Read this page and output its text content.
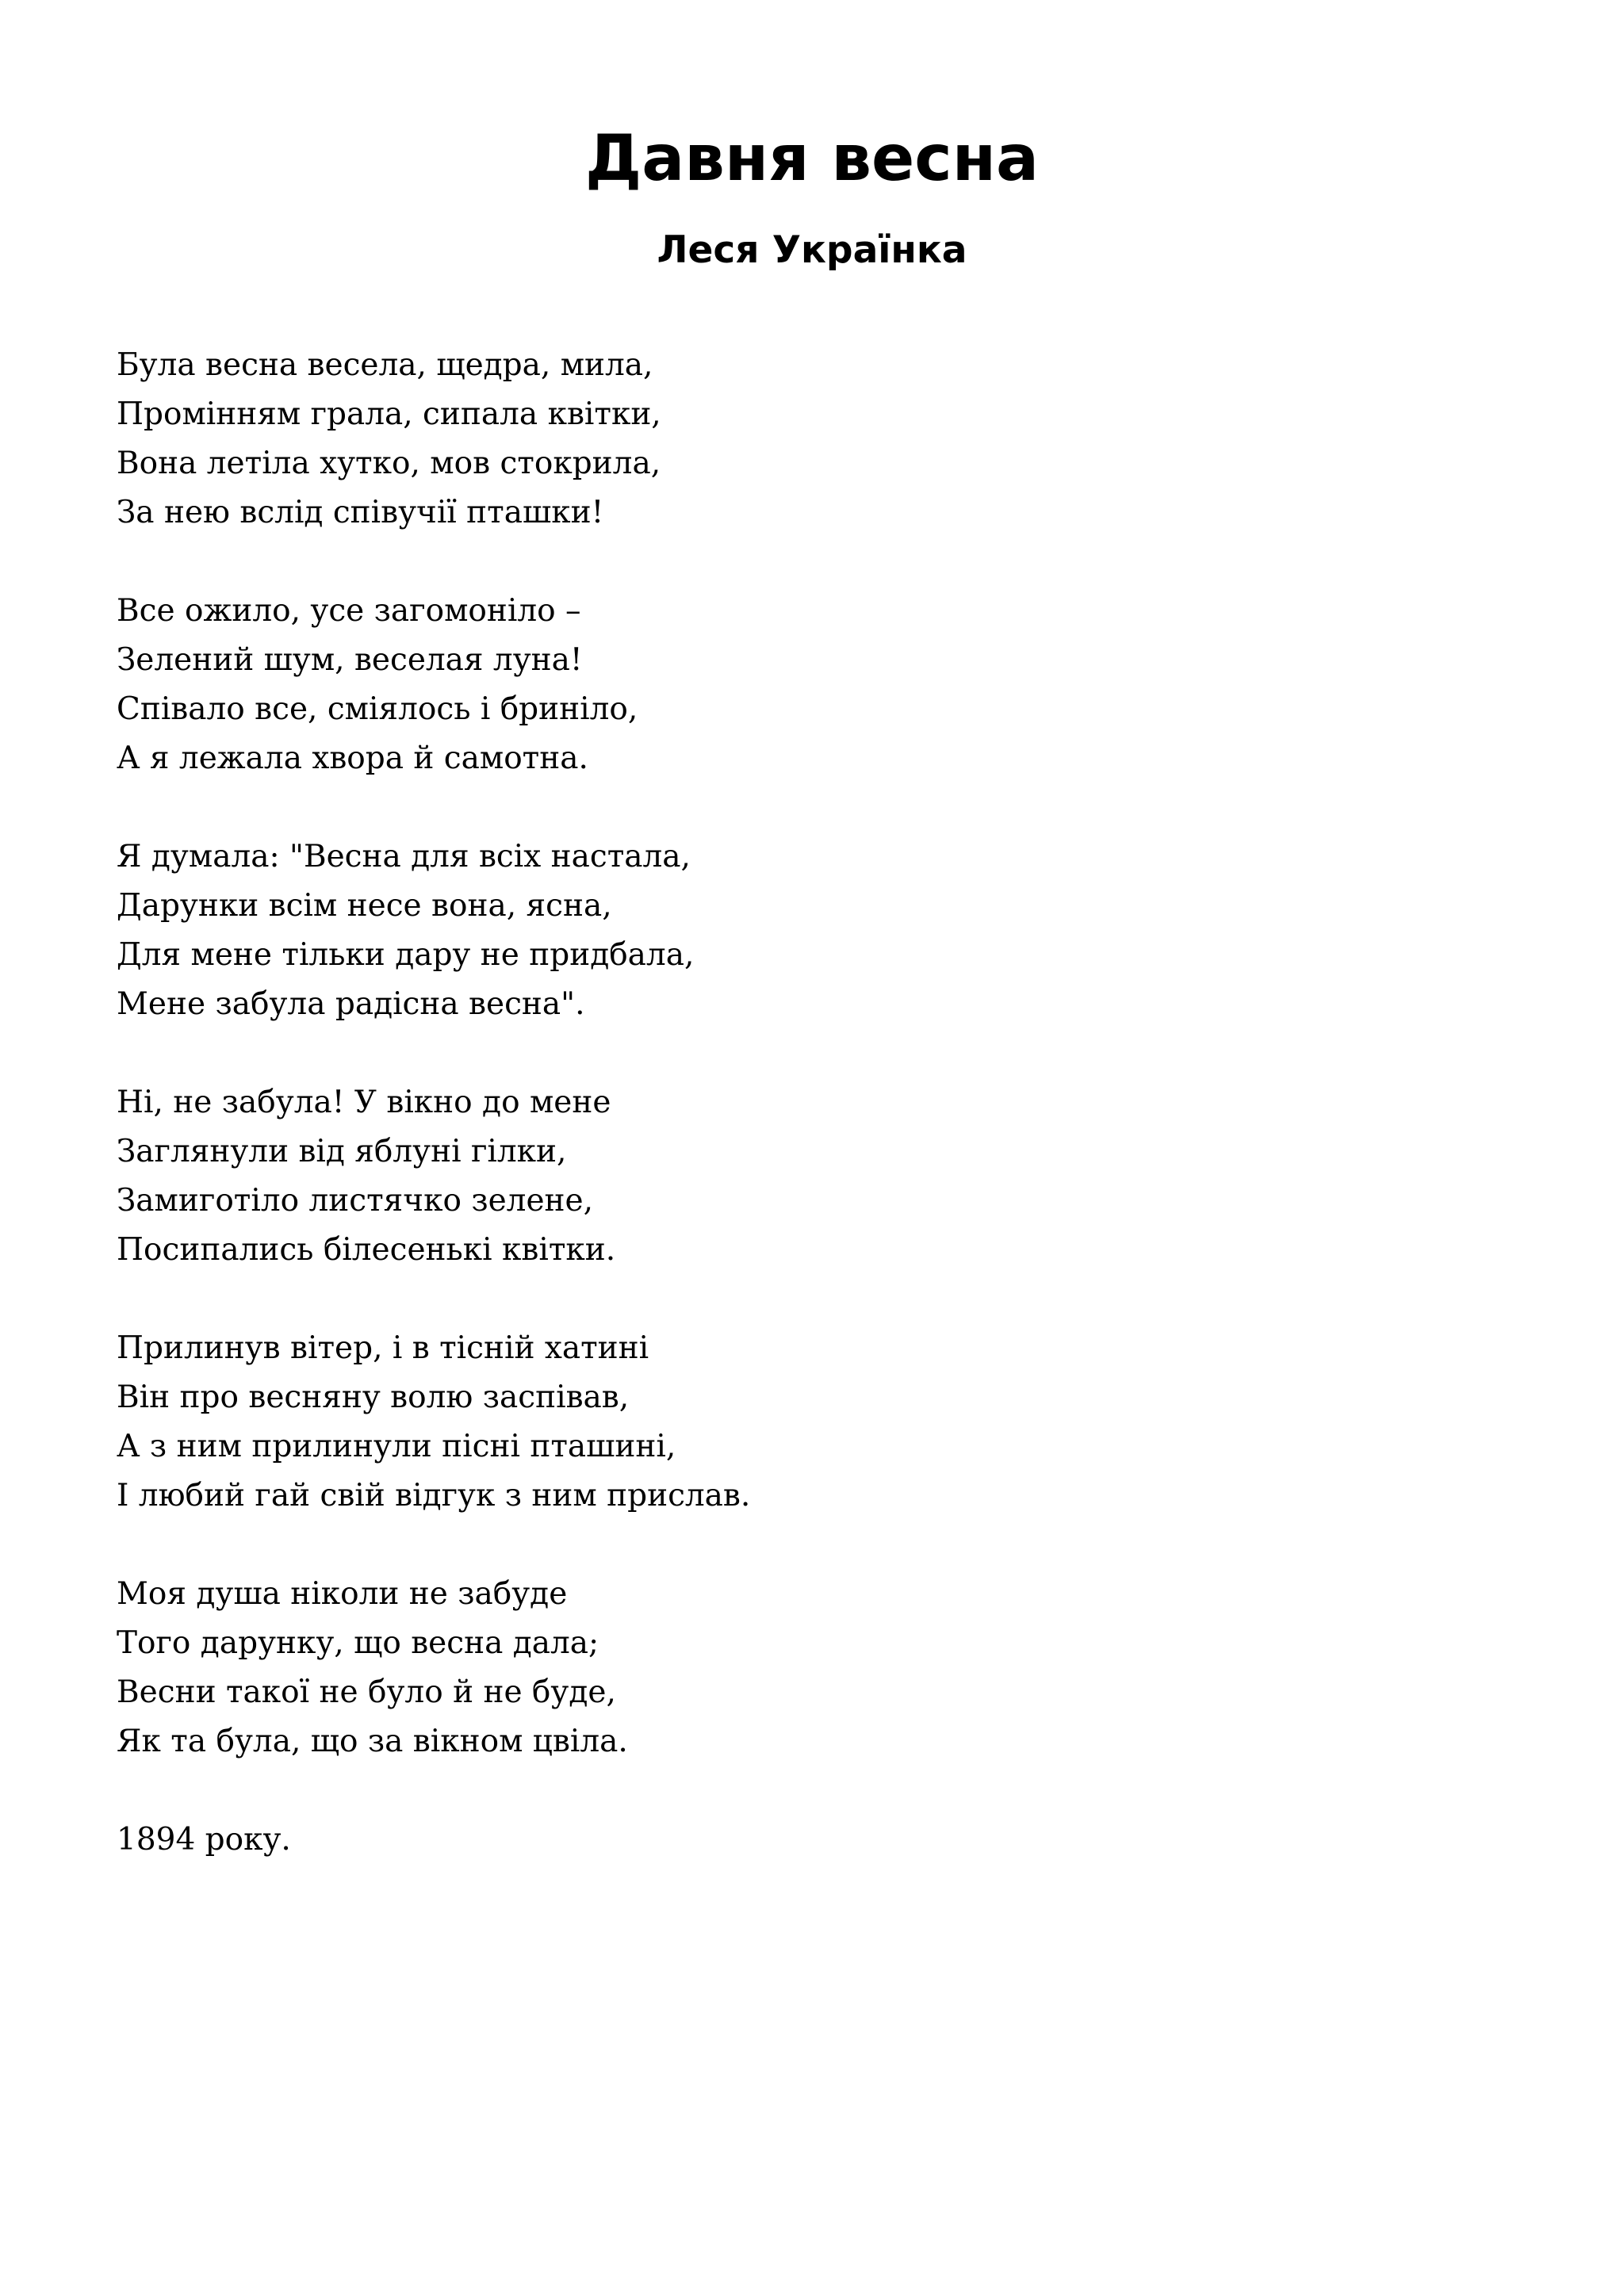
Давня весна
Леся Українка
Була весна весела, щедра, мила,
Промінням грала, сипала квітки,
Вона летіла хутко, мов стокрила,
За нею вслід співучії пташки!
Все ожило, усе загомоніло –
Зелений шум, веселая луна!
Співало все, сміялось і бриніло,
А я лежала хвора й самотна.
Я думала: "Весна для всіх настала,
Дарунки всім несе вона, ясна,
Для мене тільки дару не придбала,
Мене забула радісна весна".
Ні, не забула! У вікно до мене
Заглянули від яблуні гілки,
Замиготіло листячко зелене,
Посипались білесенькі квітки.
Прилинув вітер, і в тісній хатині
Він про весняну волю заспівав,
А з ним прилинули пісні пташині,
І любий гай свій відгук з ним прислав.
Моя душа ніколи не забуде
Того дарунку, що весна дала;
Весни такої не було й не буде,
Як та була, що за вікном цвіла.

1894 року.
